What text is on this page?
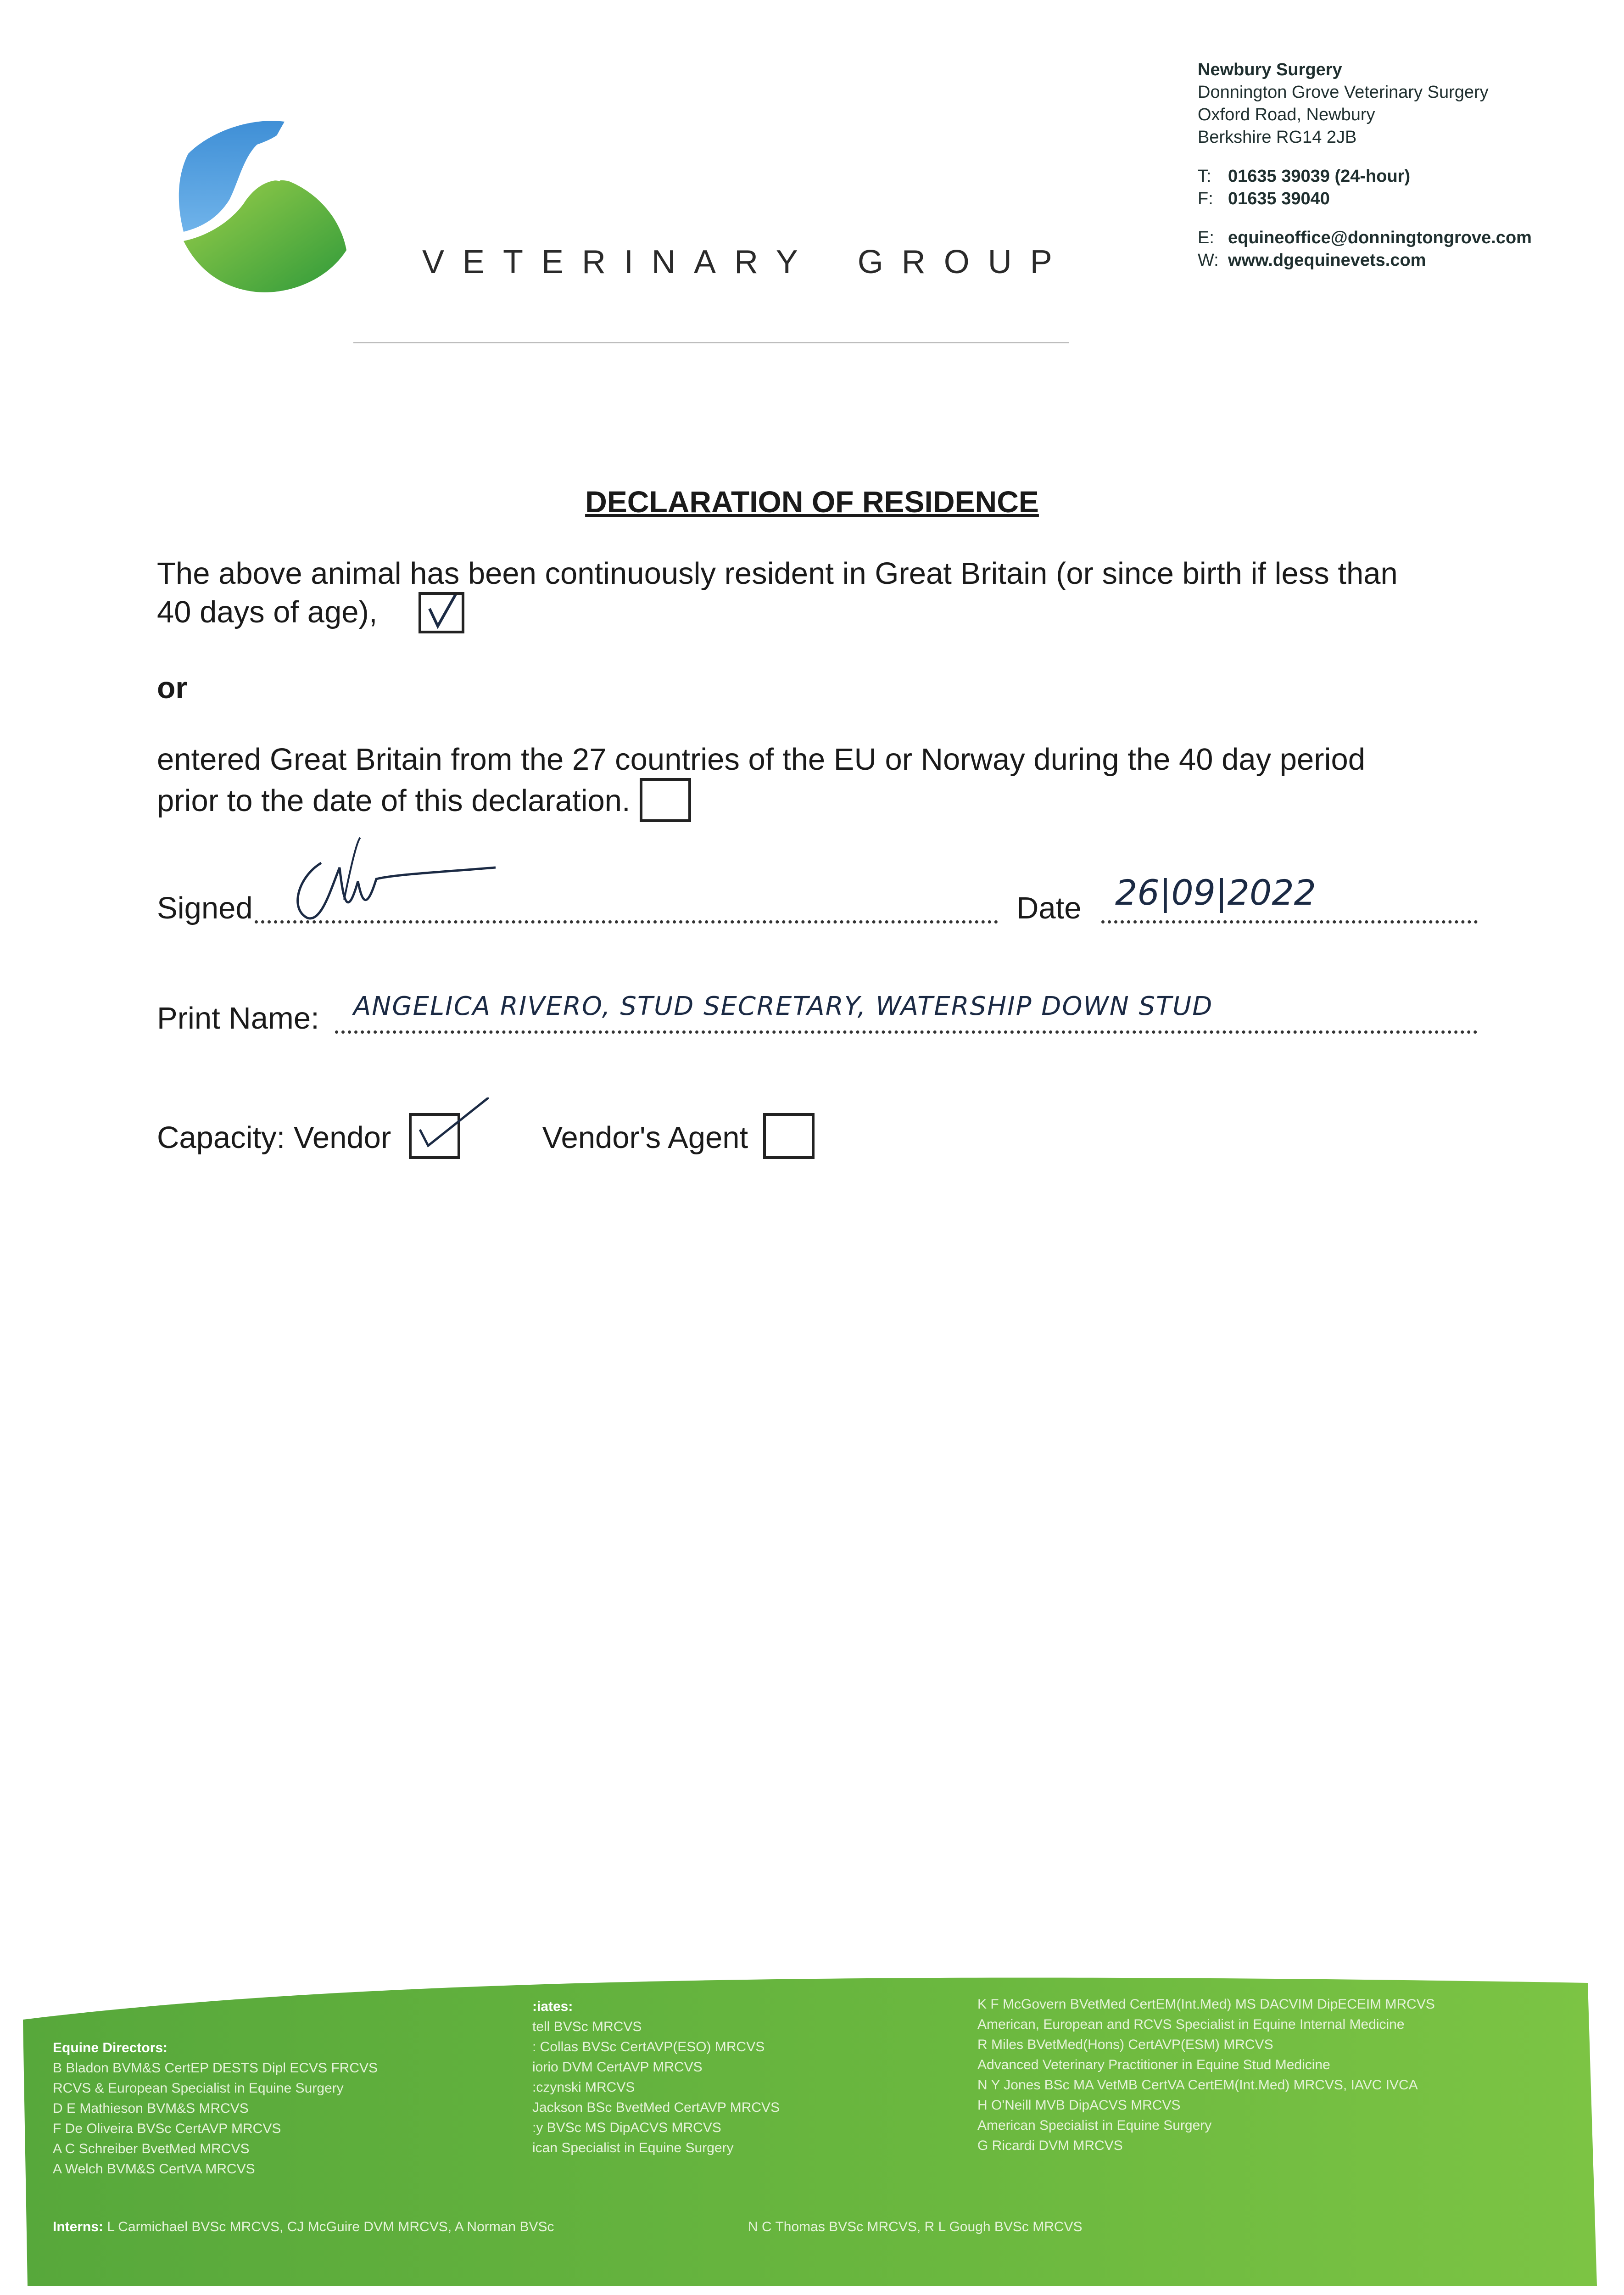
VETERINARY GROUP
Newbury Surgery
Donnington Grove Veterinary Surgery
Oxford Road, Newbury
Berkshire RG14 2JB
T: 01635 39039 (24-hour)
F: 01635 39040
E: equineoffice@donningtongrove.com
W: www.dgequinevets.com
DECLARATION OF RESIDENCE
The above animal has been continuously resident in Great Britain (or since birth if less than
40 days of age),
or
entered Great Britain from the 27 countries of the EU or Norway during the 40 day period
prior to the date of this declaration.
Signed	Date 26|09|2022
Print Name: ANGELICA RIVERO, STUD SECRETARY, WATERSHIP DOWN STUD
Capacity: Vendor	Vendor's Agent
Equine Directors:
B Bladon BVM&S CertEP DESTS Dipl ECVS FRCVS
RCVS & European Specialist in Equine Surgery
D E Mathieson BVM&S MRCVS
F De Oliveira BVSc CertAVP MRCVS
A C Schreiber BvetMed MRCVS
A Welch BVM&S CertVA MRCVS
:iates:
tell BVSc MRCVS
: Collas BVSc CertAVP(ESO) MRCVS
iorio DVM CertAVP MRCVS
:czynski MRCVS
Jackson BSc BvetMed CertAVP MRCVS
:y BVSc MS DipACVS MRCVS
ican Specialist in Equine Surgery
K F McGovern BVetMed CertEM(Int.Med) MS DACVIM DipECEIM MRCVS
American, European and RCVS Specialist in Equine Internal Medicine
R Miles BVetMed(Hons) CertAVP(ESM) MRCVS
Advanced Veterinary Practitioner in Equine Stud Medicine
N Y Jones BSc MA VetMB CertVA CertEM(Int.Med) MRCVS, IAVC IVCA
H O'Neill MVB DipACVS MRCVS
American Specialist in Equine Surgery
G Ricardi DVM MRCVS
Interns: L Carmichael BVSc MRCVS, CJ McGuire DVM MRCVS, A Norman BVSc	N C Thomas BVSc MRCVS, R L Gough BVSc MRCVS
